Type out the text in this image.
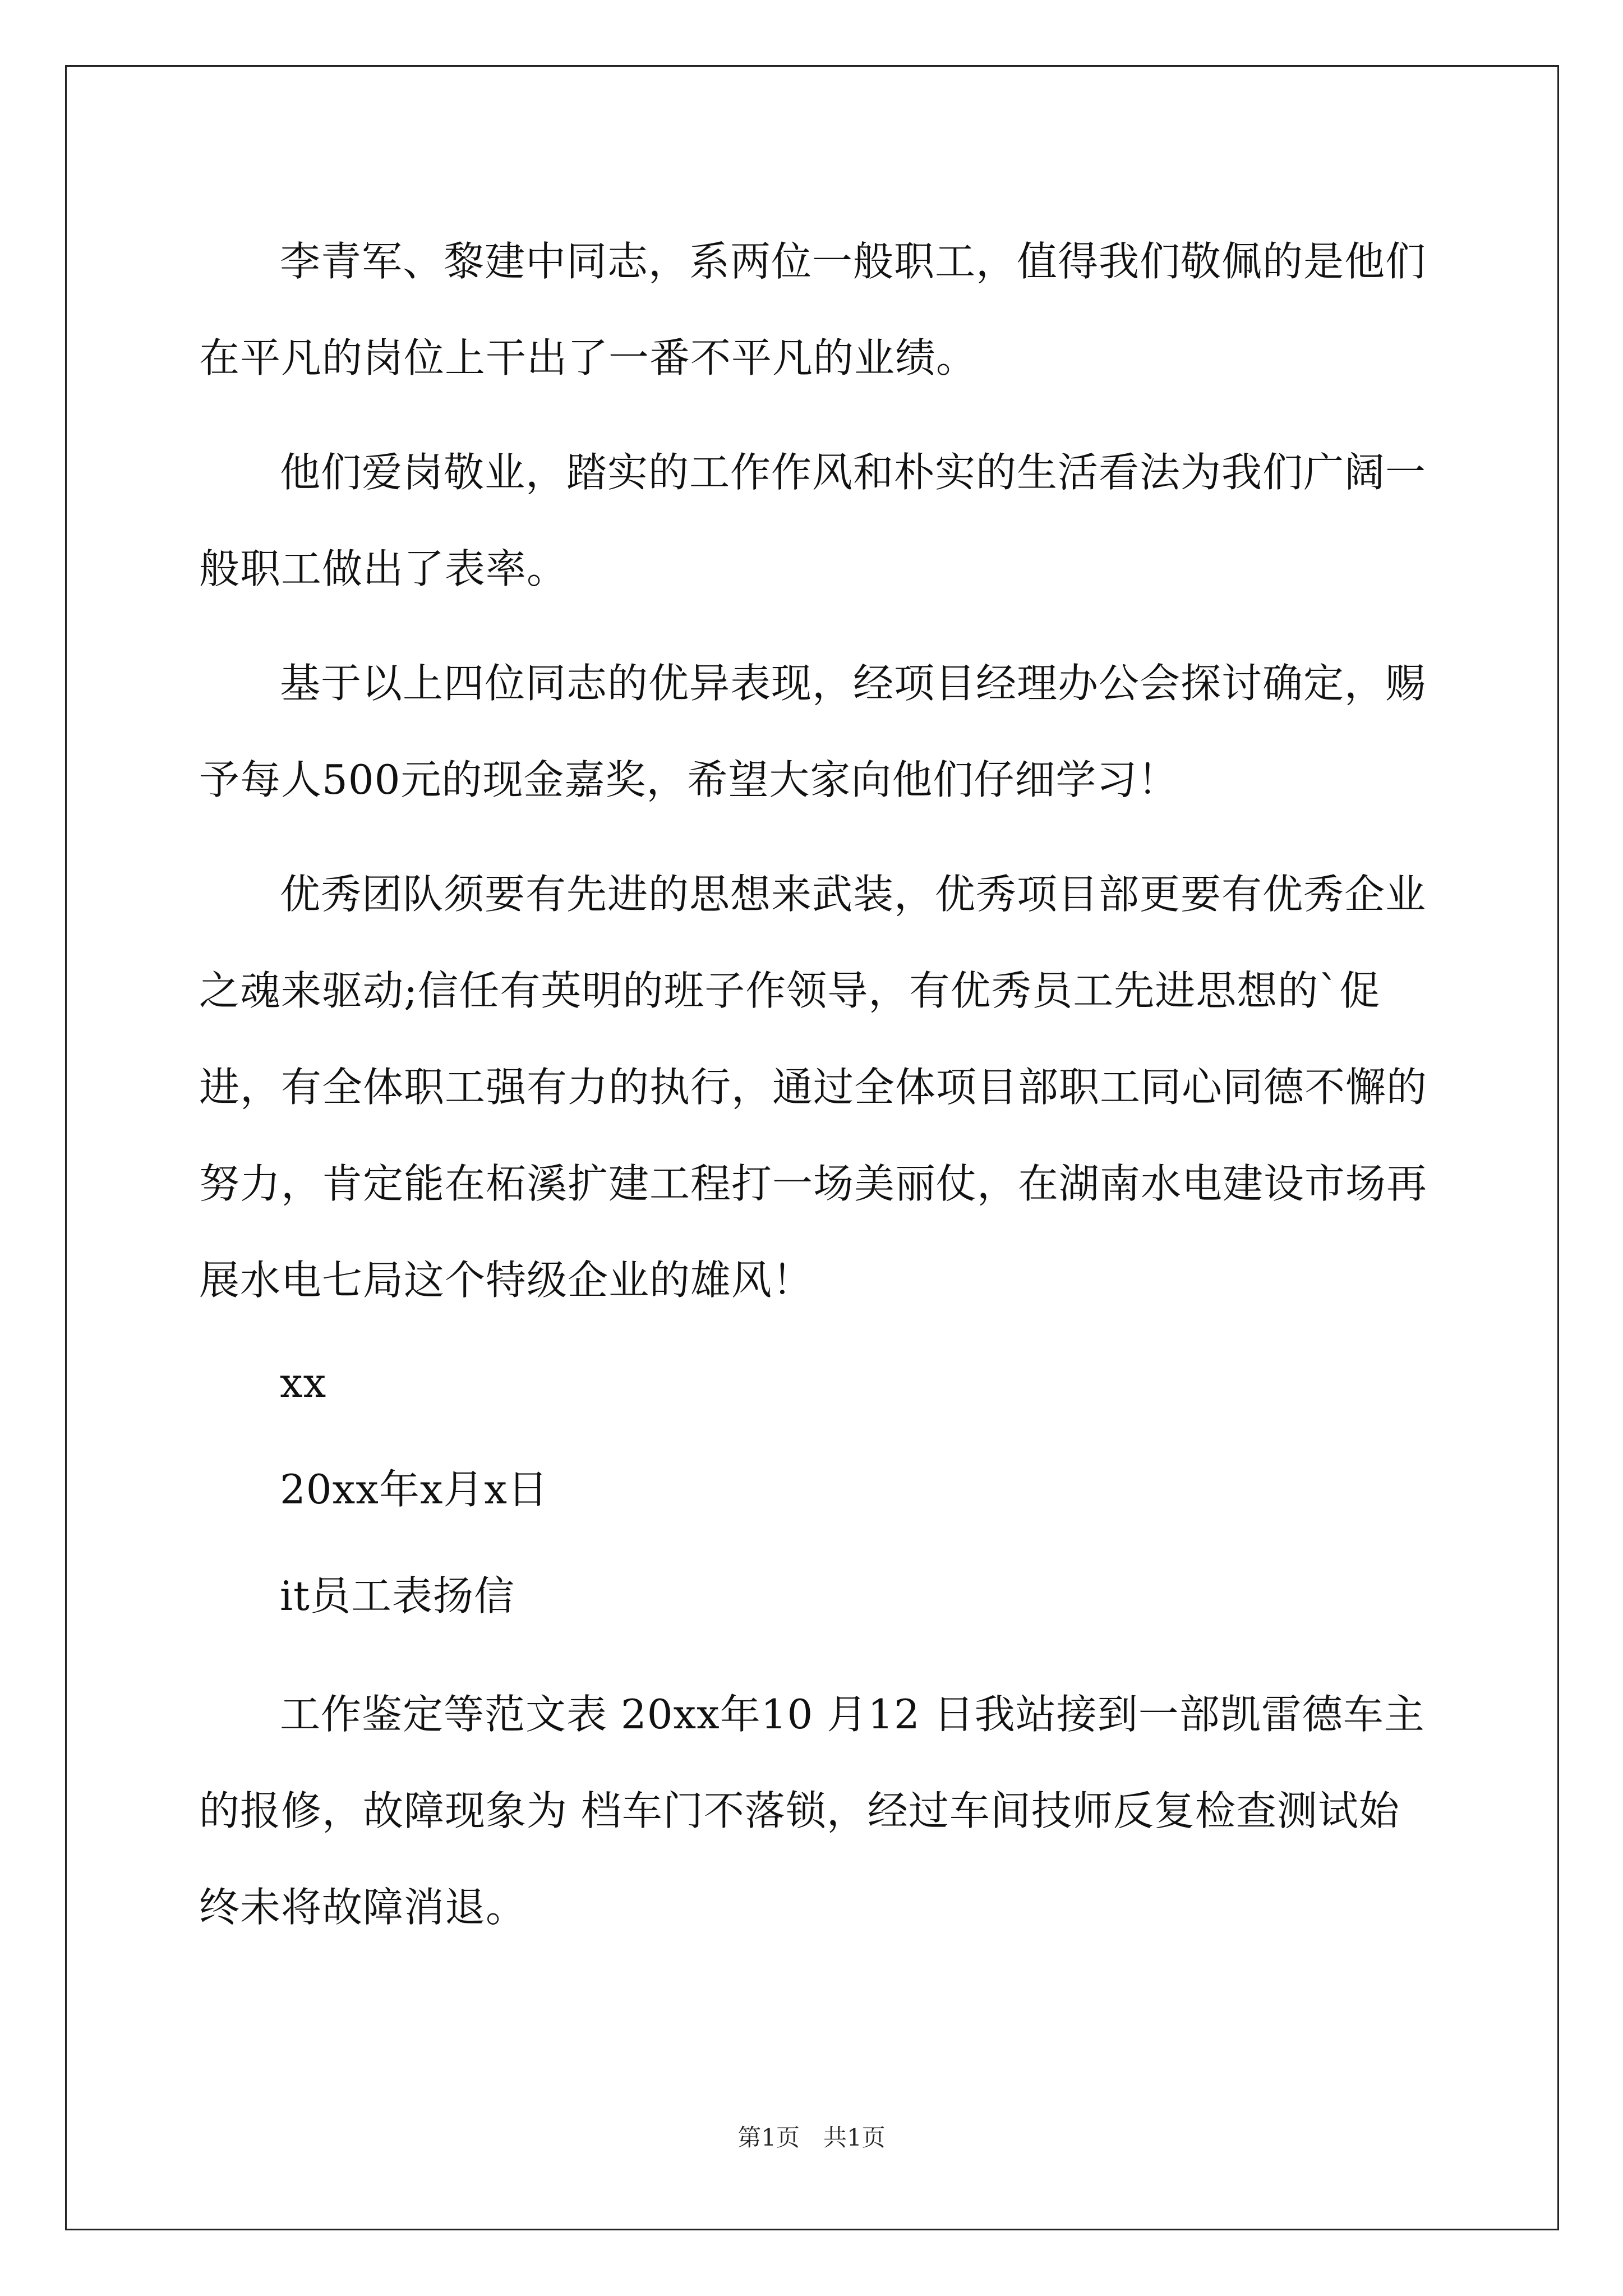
李青军、黎建中同志，系两位一般职工，值得我们敬佩的是他们在平凡的岗位上干出了一番不平凡的业绩。

他们爱岗敬业，踏实的工作作风和朴实的生活看法为我们广阔一般职工做出了表率。

基于以上四位同志的优异表现，经项目经理办公会探讨确定，赐予每人500元的现金嘉奖，希望大家向他们仔细学习！

优秀团队须要有先进的思想来武装，优秀项目部更要有优秀企业之魂来驱动;信任有英明的班子作领导，有优秀员工先进思想的`促进，有全体职工强有力的执行，通过全体项目部职工同心同德不懈的努力，肯定能在柘溪扩建工程打一场美丽仗，在湖南水电建设市场再展水电七局这个特级企业的雄风！

xx

20xx年x月x日

it员工表扬信

工作鉴定等范文表 20xx年10 月12 日我站接到一部凯雷德车主的报修，故障现象为 档车门不落锁，经过车间技师反复检查测试始终未将故障消退。

第1页　共1页
